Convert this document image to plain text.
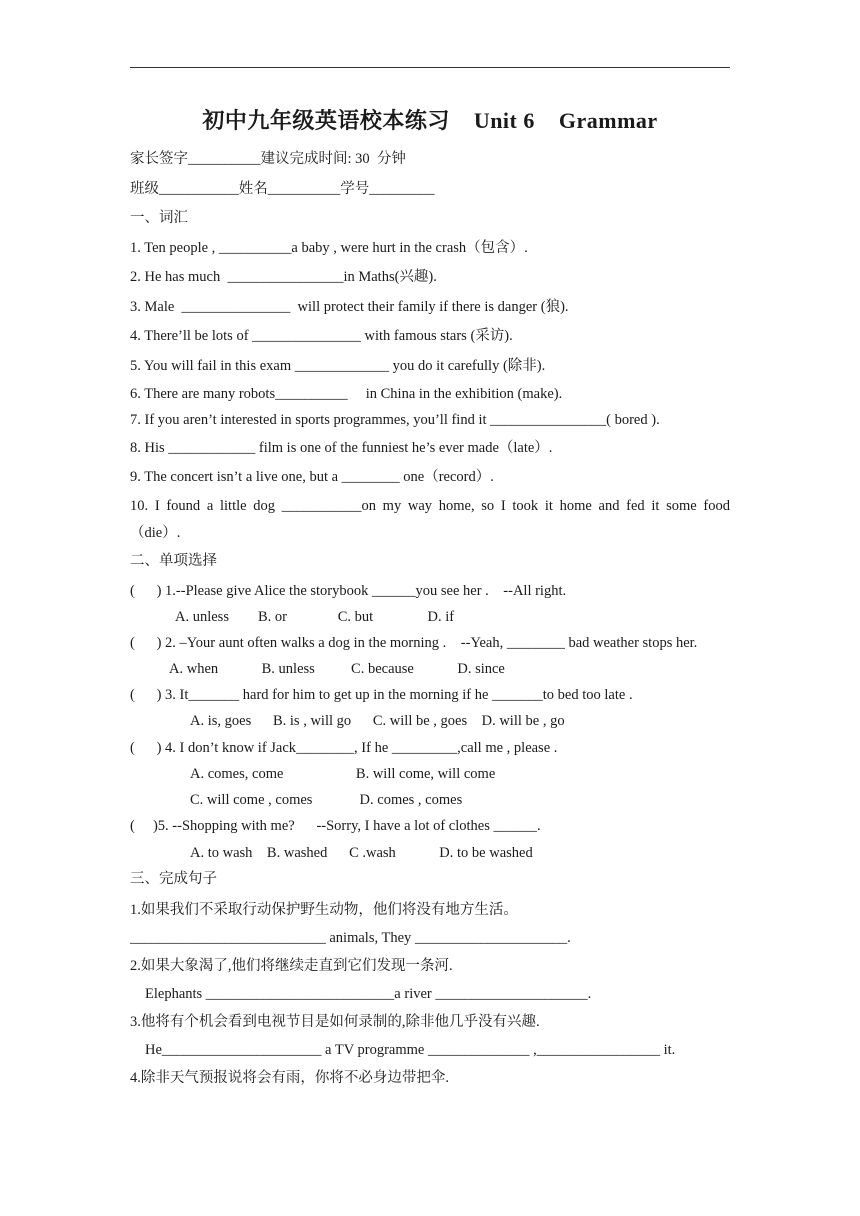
初中九年级英语校本练习    Unit 6    Grammar
家长签字__________建议完成时间: 30  分钟
班级___________姓名__________学号_________
一、词汇
1. Ten people , __________a baby , were hurt in the crash（包含）.
2. He has much  ________________in Maths(兴趣).
3. Male  _______________  will protect their family if there is danger (狼).
4. There’ll be lots of _______________ with famous stars (采访).
5. You will fail in this exam _____________ you do it carefully (除非).
6. There are many robots__________     in China in the exhibition (make).
7. If you aren’t interested in sports programmes, you’ll find it ________________( bored ).
8. His ____________ film is one of the funniest he’s ever made（late）.
9. The concert isn’t a live one, but a ________ one（record）.
10. I found a little dog ___________on my way home, so I took it home and fed it some food
（die）.
二、单项选择
(      ) 1.--Please give Alice the storybook ______you see her .    --All right.
A. unless        B. or              C. but               D. if
(      ) 2. –Your aunt often walks a dog in the morning .    --Yeah, ________ bad weather stops her.
A. when            B. unless          C. because            D. since
(      ) 3. It_______ hard for him to get up in the morning if he _______to bed too late .
A. is, goes      B. is , will go      C. will be , goes    D. will be , go
(      ) 4. I don’t know if Jack________, If he _________,call me , please .
A. comes, come                    B. will come, will come
C. will come , comes             D. comes , comes
(     )5. --Shopping with me?      --Sorry, I have a lot of clothes ______.
A. to wash    B. washed      C .wash            D. to be washed
三、完成句子
1.如果我们不采取行动保护野生动物，他们将没有地方生活。
___________________________ animals, They _____________________.
2.如果大象渴了,他们将继续走直到它们发现一条河.
Elephants __________________________a river _____________________.
3.他将有个机会看到电视节目是如何录制的,除非他几乎没有兴趣.
He______________________ a TV programme ______________ ,_________________ it.
4.除非天气预报说将会有雨，你将不必身边带把伞.
